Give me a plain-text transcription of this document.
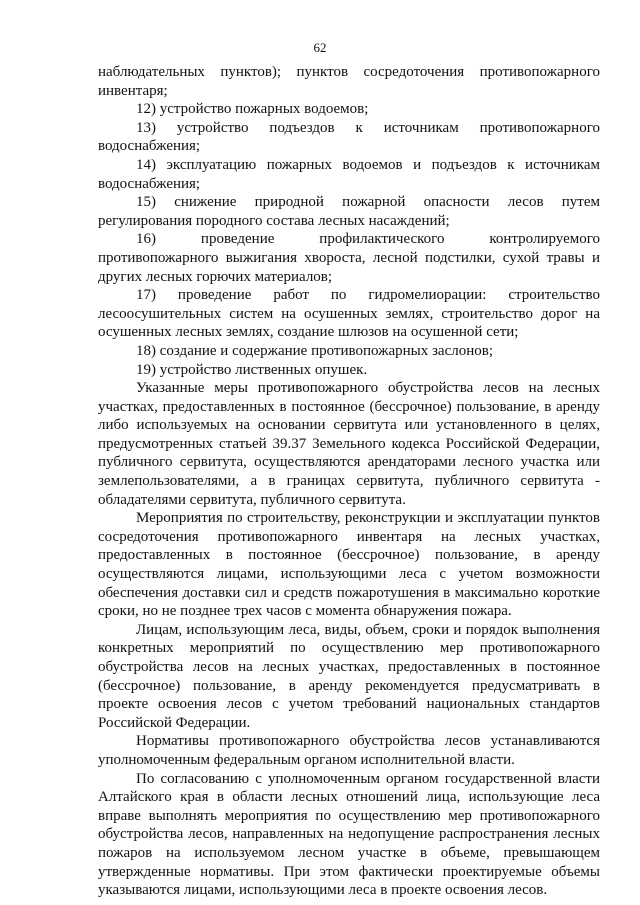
62

наблюдательных пунктов); пунктов сосредоточения противопожарного инвентаря;

12) устройство пожарных водоемов;

13) устройство подъездов к источникам противопожарного водоснабжения;

14) эксплуатацию пожарных водоемов и подъездов к источникам водоснабжения;

15) снижение природной пожарной опасности лесов путем регулирования породного состава лесных насаждений;

16) проведение профилактического контролируемого противопожарного выжигания хвороста, лесной подстилки, сухой травы и других лесных горючих материалов;

17) проведение работ по гидромелиорации: строительство лесоосушительных систем на осушенных землях, строительство дорог на осушенных лесных землях, создание шлюзов на осушенной сети;

18) создание и содержание противопожарных заслонов;

19) устройство лиственных опушек.

Указанные меры противопожарного обустройства лесов на лесных участках, предоставленных в постоянное (бессрочное) пользование, в аренду либо используемых на основании сервитута или установленного в целях, предусмотренных статьей 39.37 Земельного кодекса Российской Федерации, публичного сервитута, осуществляются арендаторами лесного участка или землепользователями, а в границах сервитута, публичного сервитута - обладателями сервитута, публичного сервитута.

Мероприятия по строительству, реконструкции и эксплуатации пунктов сосредоточения противопожарного инвентаря на лесных участках, предоставленных в постоянное (бессрочное) пользование, в аренду осуществляются лицами, использующими леса с учетом возможности обеспечения доставки сил и средств пожаротушения в максимально короткие сроки, но не позднее трех часов с момента обнаружения пожара.

Лицам, использующим леса, виды, объем, сроки и порядок выполнения конкретных мероприятий по осуществлению мер противопожарного обустройства лесов на лесных участках, предоставленных в постоянное (бессрочное) пользование, в аренду рекомендуется предусматривать в проекте освоения лесов с учетом требований национальных стандартов Российской Федерации.

Нормативы противопожарного обустройства лесов устанавливаются уполномоченным федеральным органом исполнительной власти.

По согласованию с уполномоченным органом государственной власти Алтайского края в области лесных отношений лица, использующие леса вправе выполнять мероприятия по осуществлению мер противопожарного обустройства лесов, направленных на недопущение распространения лесных пожаров на используемом лесном участке в объеме, превышающем утвержденные нормативы. При этом фактически проектируемые объемы указываются лицами, использующими леса в проекте освоения лесов.
